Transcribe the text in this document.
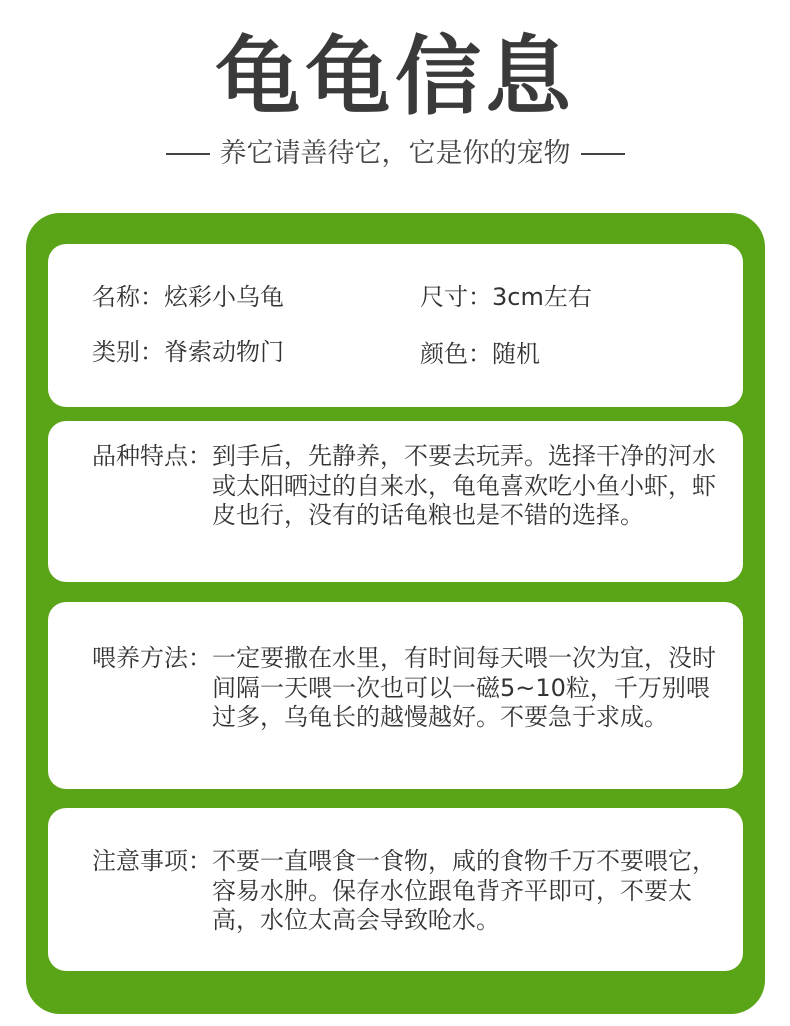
龟龟信息
养它请善待它，它是你的宠物
名称：炫彩小乌龟	尺寸：3cm左右
类别：脊索动物门	颜色：随机
品种特点： 到手后，先静养，不要去玩弄。选择干净的河水或太阳晒过的自来水，龟龟喜欢吃小鱼小虾，虾皮也行，没有的话龟粮也是不错的选择。
喂养方法： 一定要撒在水里，有时间每天喂一次为宜，没时间隔一天喂一次也可以一磁5~10粒，千万别喂过多，乌龟长的越慢越好。不要急于求成。
注意事项： 不要一直喂食一食物，咸的食物千万不要喂它，容易水肿。保存水位跟龟背齐平即可，不要太高，水位太高会导致呛水。
